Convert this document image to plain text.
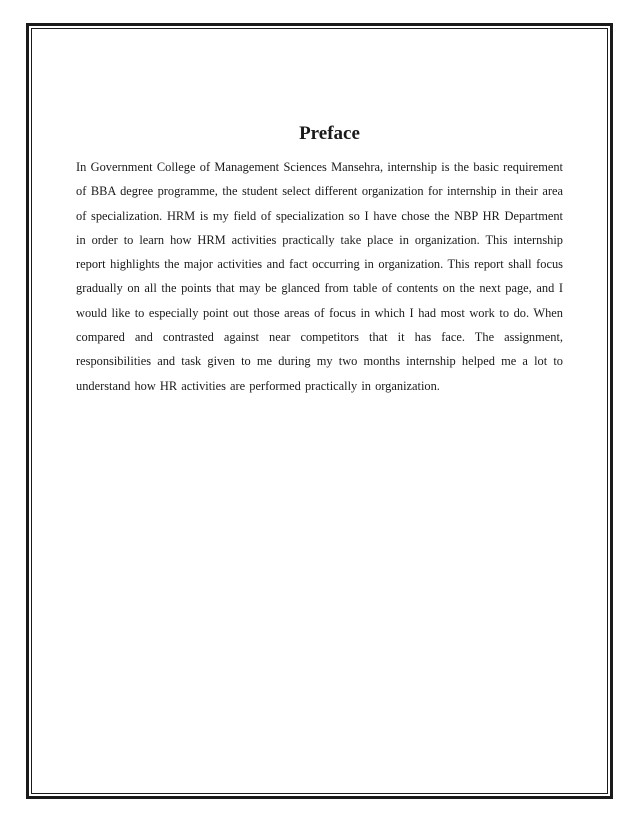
Preface

In Government College of Management Sciences Mansehra, internship is the basic requirement of BBA degree programme, the student select different organization for internship in their area of specialization. HRM is my field of specialization so I have chose the NBP HR Department in order to learn how HRM activities practically take place in organization. This internship report highlights the major activities and fact occurring in organization. This report shall focus gradually on all the points that may be glanced from table of contents on the next page, and I would like to especially point out those areas of focus in which I had most work to do. When compared and contrasted against near competitors that it has face. The assignment, responsibilities and task given to me during my two months internship helped me a lot to understand how HR activities are performed practically in organization.
